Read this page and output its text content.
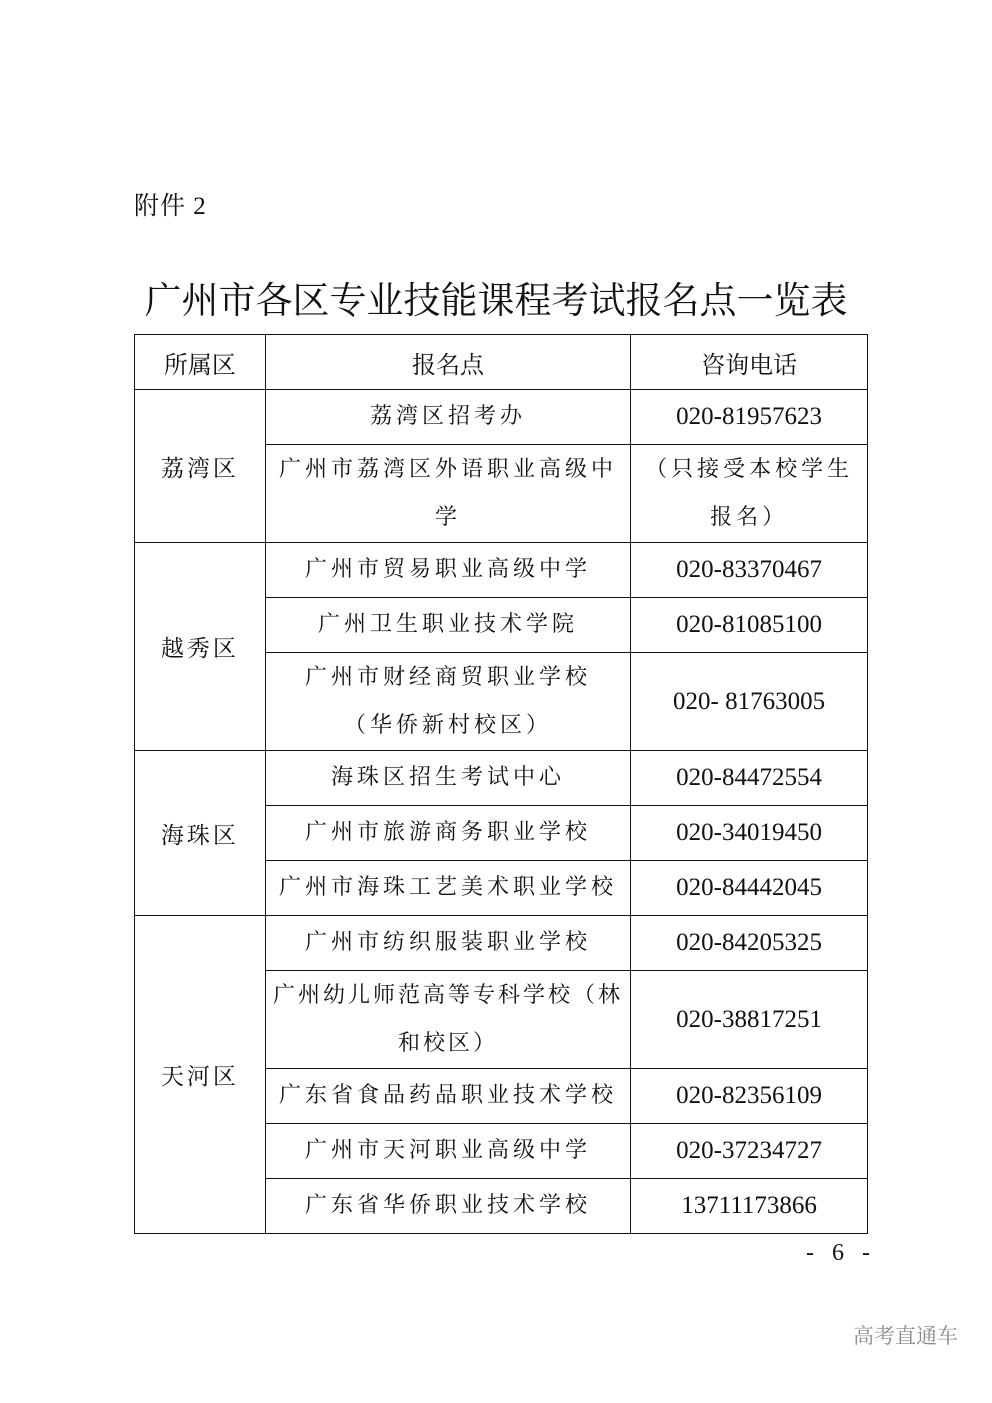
附件 2
广州市各区专业技能课程考试报名点一览表
所属区	报名点	咨询电话
荔湾区	荔湾区招考办	020-81957623
	广州市荔湾区外语职业高级中学	（只接受本校学生报名）
越秀区	广州市贸易职业高级中学	020-83370467
	广州卫生职业技术学院	020-81085100
	广州市财经商贸职业学校（华侨新村校区）	020- 81763005
海珠区	海珠区招生考试中心	020-84472554
	广州市旅游商务职业学校	020-34019450
	广州市海珠工艺美术职业学校	020-84442045
天河区	广州市纺织服装职业学校	020-84205325
	广州幼儿师范高等专科学校（林和校区）	020-38817251
	广东省食品药品职业技术学校	020-82356109
	广州市天河职业高级中学	020-37234727
	广东省华侨职业技术学校	13711173866
- 6 -
高考直通车
